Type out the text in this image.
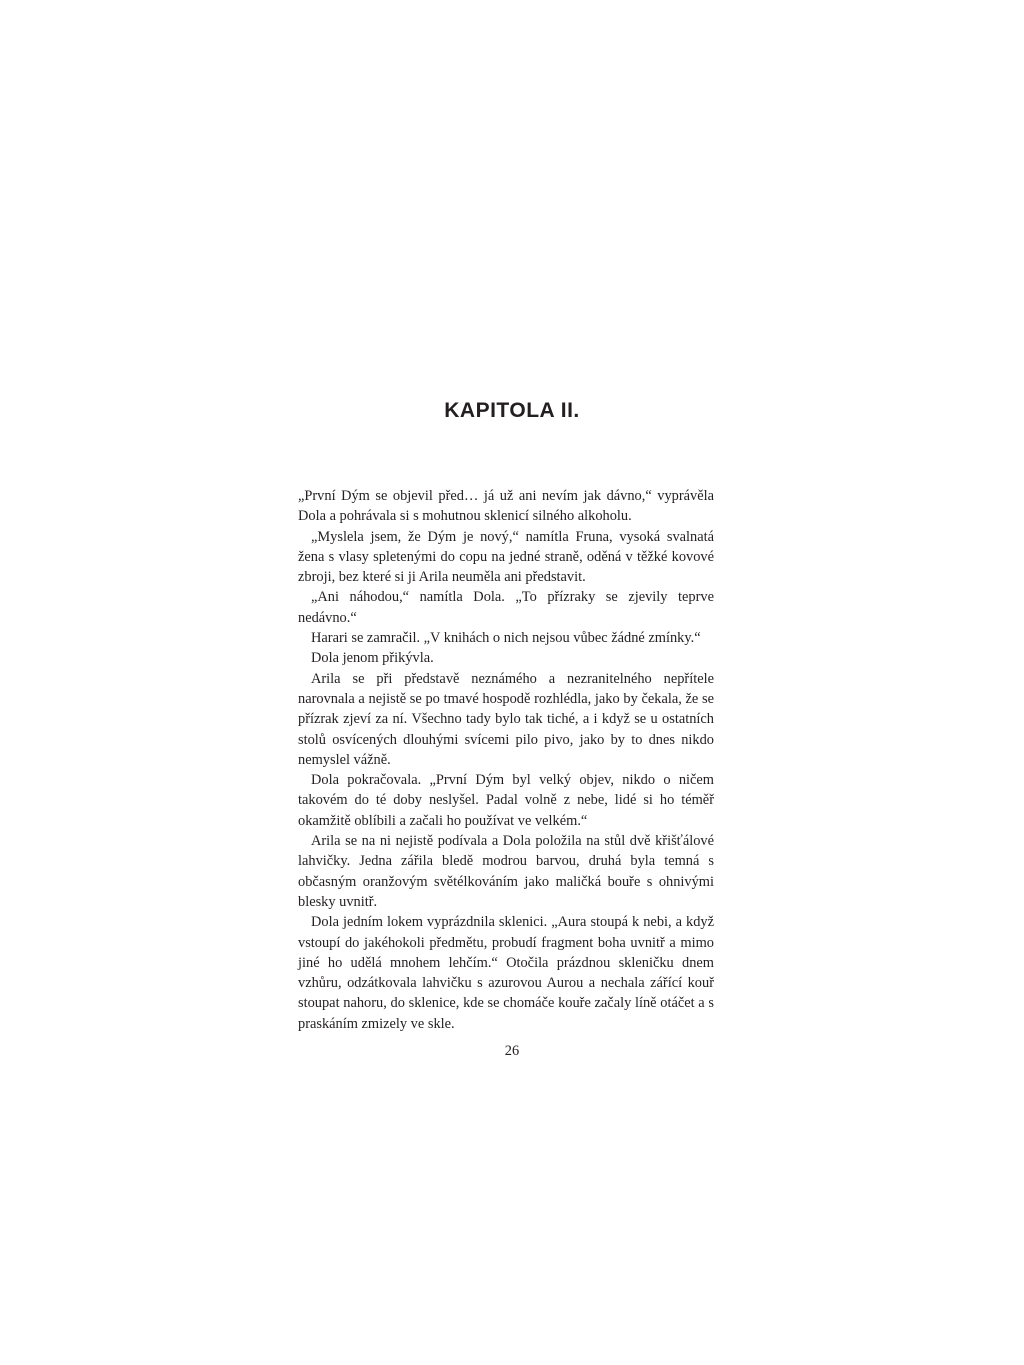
KAPITOLA II.

„První Dým se objevil před… já už ani nevím jak dávno,“ vyprávěla Dola a pohrávala si s mohutnou sklenicí silného alkoholu.

„Myslela jsem, že Dým je nový,“ namítla Fruna, vysoká svalnatá žena s vlasy spletenými do copu na jedné straně, oděná v těžké kovové zbroji, bez které si ji Arila neuměla ani představit.

„Ani náhodou,“ namítla Dola. „To přízraky se zjevily teprve nedávno.“

Harari se zamračil. „V knihách o nich nejsou vůbec žádné zmínky.“

Dola jenom přikývla.

Arila se při představě neznámého a nezranitelného nepřítele narovnala a nejistě se po tmavé hospodě rozhlédla, jako by čekala, že se přízrak zjeví za ní. Všechno tady bylo tak tiché, a i když se u ostatních stolů osvícených dlouhými svícemi pilo pivo, jako by to dnes nikdo nemyslel vážně.

Dola pokračovala. „První Dým byl velký objev, nikdo o ničem takovém do té doby neslyšel. Padal volně z nebe, lidé si ho téměř okamžitě oblíbili a začali ho používat ve velkém.“

Arila se na ni nejistě podívala a Dola položila na stůl dvě křišťálové lahvičky. Jedna zářila bledě modrou barvou, druhá byla temná s občasným oranžovým světélkováním jako maličká bouře s ohnivými blesky uvnitř.

Dola jedním lokem vyprázdnila sklenici. „Aura stoupá k nebi, a když vstoupí do jakéhokoli předmětu, probudí fragment boha uvnitř a mimo jiné ho udělá mnohem lehčím.“ Otočila prázdnou skleničku dnem vzhůru, odzátkovala lahvičku s azurovou Aurou a nechala zářící kouř stoupat nahoru, do sklenice, kde se chomáče kouře začaly líně otáčet a s praskáním zmizely ve skle.

26
